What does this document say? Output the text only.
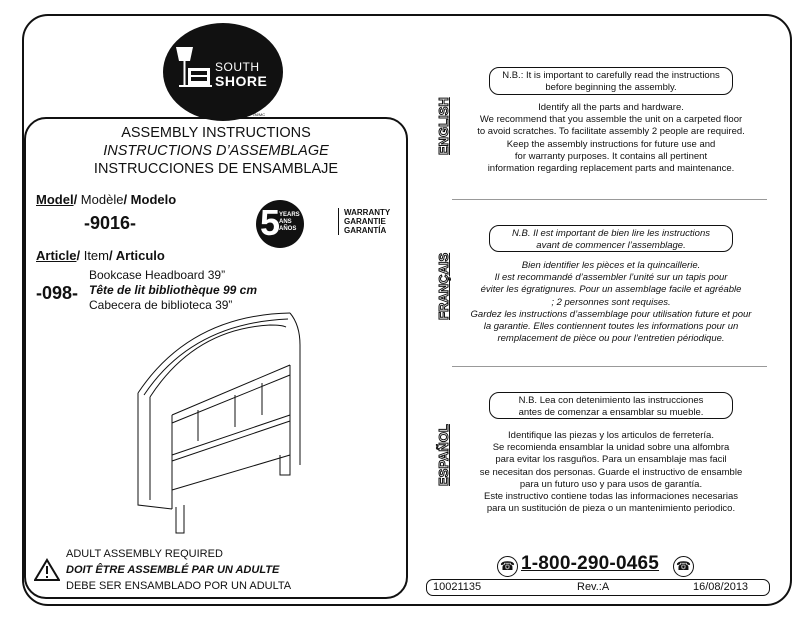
SOUTH
SHORE
TM/MC
ASSEMBLY INSTRUCTIONS
INSTRUCTIONS D’ASSEMBLAGE
INSTRUCCIONES DE ENSAMBLAJE
Model/ Modèle/ Modelo
-9016-	5
YEARS
ANS
AÑOS
WARRANTY
GARANTIE
GARANTÍA
Article/ Item/ Articulo
-098-
Bookcase Headboard 39”
Tête de lit bibliothèque 99 cm
Cabecera de biblioteca 39”
ADULT ASSEMBLY REQUIRED
DOIT ÊTRE ASSEMBLÉ PAR UN ADULTE
DEBE SER ENSAMBLADO POR UN ADULTA
ENGLISH
FRANÇAIS
ESPAÑOL
N.B.: It is important to carefully read the instructions
before beginning the assembly.
Identify all the parts and hardware.
We recommend that you assemble the unit on a carpeted floor
to avoid scratches. To facilitate assembly 2 people are required.
Keep the assembly instructions for future use and
for warranty purposes. It contains all pertinent
information regarding replacement parts and maintenance.
N.B. Il est important de bien lire les instructions
avant de commencer l’assemblage.
Bien identifier les pièces et la quincaillerie.
Il est recommandé d’assembler l’unité sur un tapis pour
éviter les égratignures. Pour un assemblage facile et agréable
; 2 personnes sont requises.
Gardez les instructions d’assemblage pour utilisation future et pour
la garantie. Elles contiennent toutes les informations pour un
remplacement de pièce ou pour l’entretien périodique.
N.B. Lea con detenimiento las instrucciones
antes de comenzar a ensamblar su mueble.
Identifique las piezas y los articulos de ferretería.
Se recomienda ensamblar la unidad sobre una alfombra
para evitar los rasguños. Para un ensamblaje mas facil
se necesitan dos personas. Guarde el instructivo de ensamble
para un futuro uso y para usos de garantía.
Este instructivo contiene todas las informaciones necesarias
para un sustitución de pieza o un mantenimiento periodico.
☎ 1-800-290-0465 ☎
10021135	Rev.:A	16/08/2013
